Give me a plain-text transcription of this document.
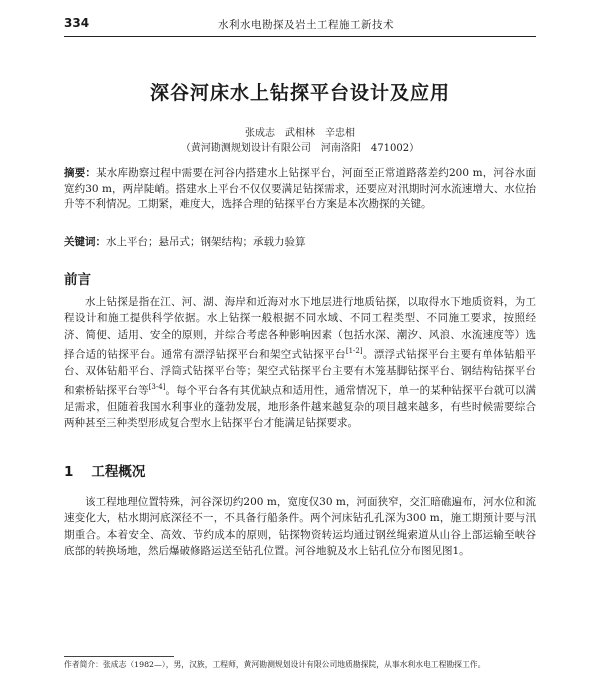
334	水利水电勘探及岩土工程施工新技术
深谷河床水上钻探平台设计及应用
张成志　武相林　辛忠相
（黄河勘测规划设计有限公司　河南洛阳　471002）
摘要：某水库勘察过程中需要在河谷内搭建水上钻探平台，河面至正常道路落差约200 m，河谷水面宽约30 m，两岸陡峭。搭建水上平台不仅仅要满足钻探需求，还要应对汛期时河水流速增大、水位抬升等不利情况。工期紧，难度大，选择合理的钻探平台方案是本次勘探的关键。
关键词：水上平台；悬吊式；钢架结构；承载力验算
前言
水上钻探是指在江、河、湖、海岸和近海对水下地层进行地质钻探，以取得水下地质资料，为工程设计和施工提供科学依据。水上钻探一般根据不同水域、不同工程类型、不同施工要求，按照经济、简便、适用、安全的原则，并综合考虑各种影响因素（包括水深、潮汐、风浪、水流速度等）选择合适的钻探平台。通常有漂浮钻探平台和架空式钻探平台[1-2]。漂浮式钻探平台主要有单体钻船平台、双体钻船平台、浮筒式钻探平台等；架空式钻探平台主要有木笼基脚钻探平台、钢结构钻探平台和索桥钻探平台等[3-4]。每个平台各有其优缺点和适用性，通常情况下，单一的某种钻探平台就可以满足需求，但随着我国水利事业的蓬勃发展，地形条件越来越复杂的项目越来越多，有些时候需要综合两种甚至三种类型形成复合型水上钻探平台才能满足钻探要求。
1 工程概况
该工程地理位置特殊，河谷深切约200 m，宽度仅30 m，河面狭窄，交汇暗礁遍布，河水位和流速变化大，枯水期河底深径不一，不具备行船条件。两个河床钻孔孔深为300 m，施工期预计要与汛期重合。本着安全、高效、节约成本的原则，钻探物资转运均通过钢丝绳索道从山谷上部运输至峡谷底部的转换场地，然后爆破修路运送至钻孔位置。河谷地貌及水上钻孔位分布图见图1。
作者简介：张成志（1982—），男，汉族，工程师，黄河勘测规划设计有限公司地质勘探院，从事水利水电工程勘探工作。
